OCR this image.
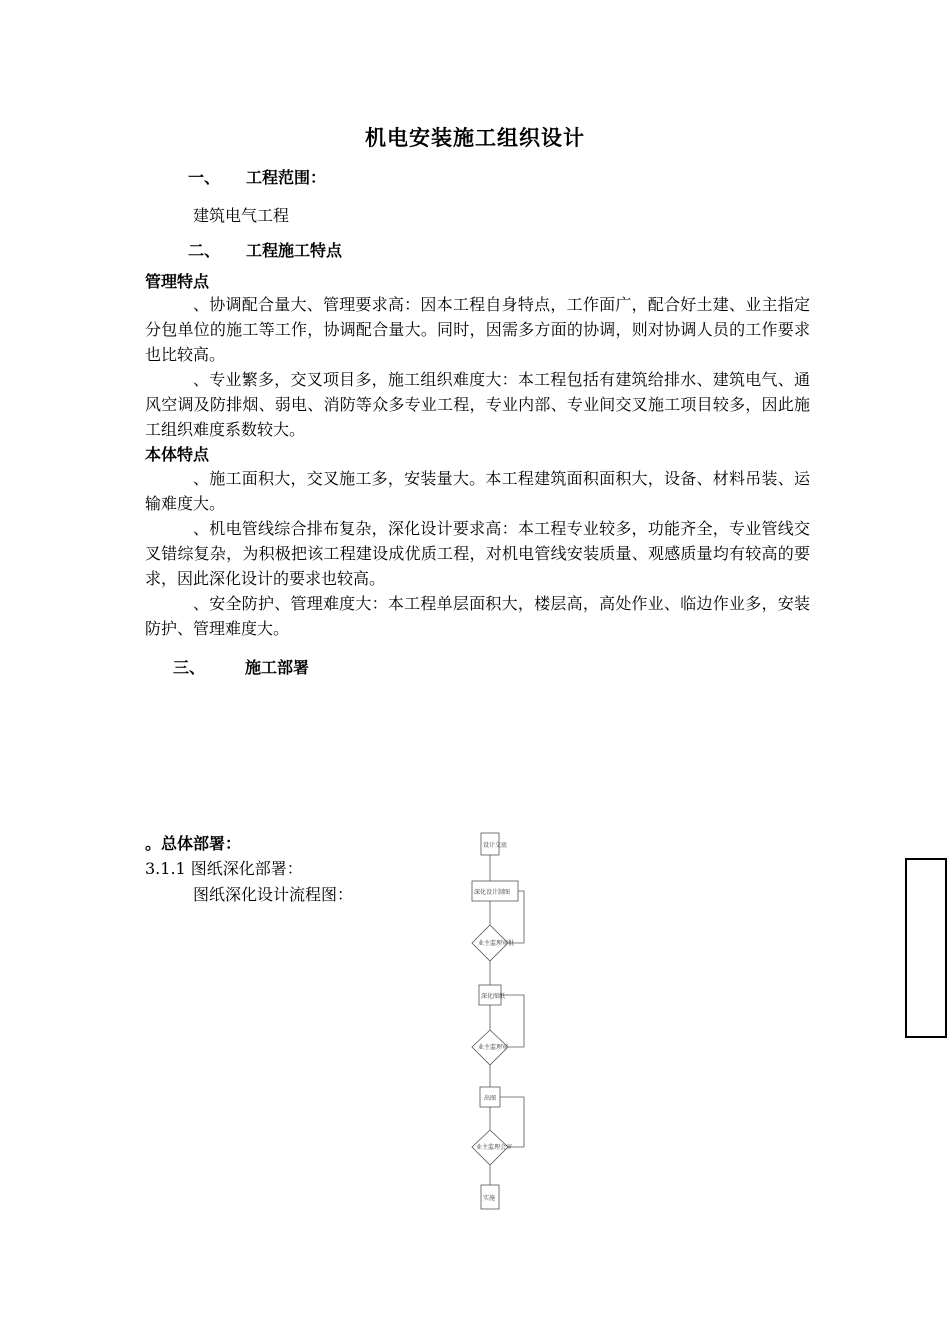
机电安装施工组织设计
一、 工程范围：
建筑电气工程
二、 工程施工特点
管理特点

、协调配合量大、管理要求高：因本工程自身特点，工作面广，配合好土建、业主指定分包单位的施工等工作，协调配合量大。同时，因需多方面的协调，则对协调人员的工作要求也比较高。

、专业繁多，交叉项目多，施工组织难度大：本工程包括有建筑给排水、建筑电气、通风空调及防排烟、弱电、消防等众多专业工程，专业内部、专业间交叉施工项目较多，因此施工组织难度系数较大。

本体特点

、施工面积大，交叉施工多，安装量大。本工程建筑面积面积大，设备、材料吊装、运输难度大。

、机电管线综合排布复杂，深化设计要求高：本工程专业较多，功能齐全，专业管线交叉错综复杂，为积极把该工程建设成优质工程，对机电管线安装质量、观感质量均有较高的要求，因此深化设计的要求也较高。

、安全防护、管理难度大：本工程单层面积大，楼层高，高处作业、临边作业多，安装防护、管理难度大。

三、 施工部署
。总体部署：
3.1.1 图纸深化部署：
图纸深化设计流程图：
设计交底
深化设计制图
业主监理审批
深化图纸
业主监理审
出图
业主监理会审
实施
